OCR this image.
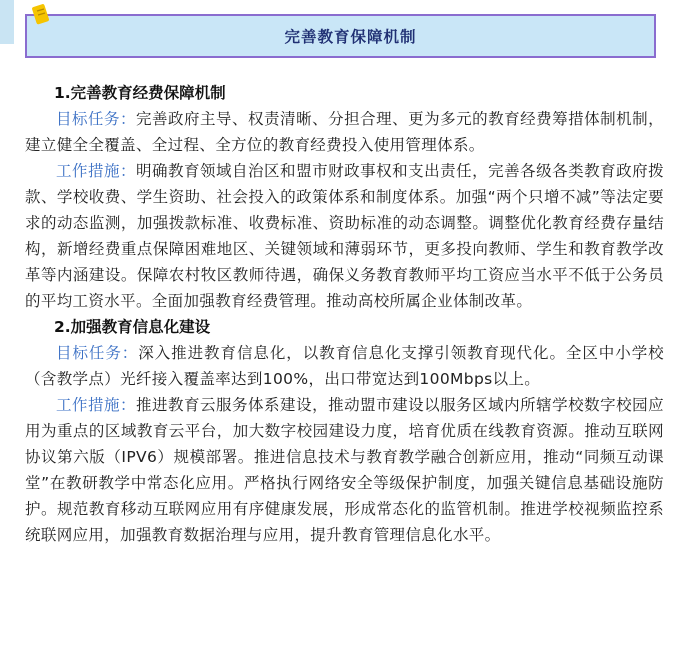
完善教育保障机制

1.完善教育经费保障机制

目标任务：完善政府主导、权责清晰、分担合理、更为多元的教育经费筹措体制机制，建立健全全覆盖、全过程、全方位的教育经费投入使用管理体系。

工作措施：明确教育领域自治区和盟市财政事权和支出责任，完善各级各类教育政府拨款、学校收费、学生资助、社会投入的政策体系和制度体系。加强“两个只增不减”等法定要求的动态监测，加强拨款标准、收费标准、资助标准的动态调整。调整优化教育经费存量结构，新增经费重点保障困难地区、关键领域和薄弱环节，更多投向教师、学生和教育教学改革等内涵建设。保障农村牧区教师待遇，确保义务教育教师平均工资应当水平不低于公务员的平均工资水平。全面加强教育经费管理。推动高校所属企业体制改革。

2.加强教育信息化建设

目标任务：深入推进教育信息化，以教育信息化支撑引领教育现代化。全区中小学校（含教学点）光纤接入覆盖率达到100%，出口带宽达到100Mbps以上。

工作措施：推进教育云服务体系建设，推动盟市建设以服务区域内所辖学校数字校园应用为重点的区域教育云平台，加大数字校园建设力度，培育优质在线教育资源。推动互联网协议第六版（IPV6）规模部署。推进信息技术与教育教学融合创新应用，推动“同频互动课堂”在教研教学中常态化应用。严格执行网络安全等级保护制度，加强关键信息基础设施防护。规范教育移动互联网应用有序健康发展，形成常态化的监管机制。推进学校视频监控系统联网应用，加强教育数据治理与应用，提升教育管理信息化水平。
